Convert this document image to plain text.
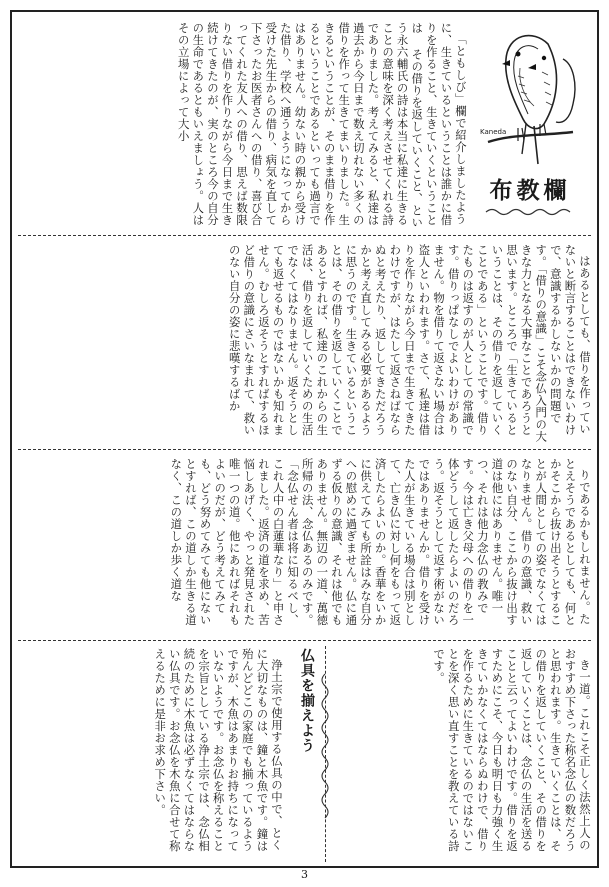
「ともしび」欄で紹介しましたように、生きているということは誰かに借りを作ること、生きていくということは その借りを返していくこと、という永六輔氏の詩は本当に私達に生きることの意味を深く考えさせてくれる詩でありました。考えてみると、私達は過去から今日まで数え切れない多くの借りを作って生きてまいりました。生きるということが、そのまま借りを作るということであるといっても過言ではありません。幼ない時の親から受けた借り、学校へ通うようになってから受けた先生からの借り、病気を直して下さったお医者さんへの借り、喜び合ってくれた友人への借り、思えば数限りない借りを作りながら今日まで生き続けてきたのが、実のところ今の自分の生命であるともいえましょう。人はその立場によって大小	Kaneda
布教欄

はあるとしても、借りを作っていないと断言することはできないわけで、意識するかしないかの問題です。「借りの意識」こそ念仏入門の大きな力となる大事なことであろうと思います。ところで「生きているということは、その借りを返していくことである」ということです。借りたものは返すのが人としての常識です。借りっぱなしでよいわけがありません。物を借りて返さない場合は盗人といわれます。さて、私達は借りを作りながら今日まで生きてきたわけですが、はたして返さねばならぬと考えたり、返ししてきただろうかと考え直してみる必要があるように思うのです。生きているということは、その借りを返していくことであるとすれば、私達のこれからの生活は、借りを返していくための生活でなくてはなりません。返そうとしても返せるものではないかも知れません。むしろ返そうとすればするほど借りの意識にさいなまれて、救いのない自分の姿に悲嘆するばか

りであるかもしれません。たとえそうであるとしても、何とかそこから抜け出そうとすることが人間としての姿でなくてはなりません。借りの意識、救いのない自分、ここから抜け出す道は他にはありません。唯一つ、それは他力念仏の教みです。今は亡き父母への借りを一体どうして返したらよいのだろう。返そうとして返す術がないではありませんか。借りを受けた人が生きている場合は別として、亡き仏に対し何をもって返済したらよいのか。香華をいかに供えてみても所詮はみな自分への慰めに過ぎません。仏に通ずる仮りの意識、それは他でもありません。無辺の一道、萬徳所帰の法、念仏あるのみです。「念仏せん者は将に知るべし、これ人中の白蓮華なり」と申されました。返済の道を求め、苦悩しあげく、やっと発見された唯一つの道。他にあればそれもよいのだが、どう考えてみても、どう努めてみても他にないとすれば、この道しか生きる道なく、この道しか歩く道な

き一道。これこそ正しく法然上人のおすすめ下さった称名念仏の数だろうと思われます。生きていくことは、その借りを返していくこと、その借りを返していくことは、念仏の生活を送ることと云ってよいわけです。借りを返すためにこそ、今日も明日も力強く生きていかなくてはならぬわけで、借りを作るために生きているのではないことを深く思い直すことを教えている詩です。

仏具を揃えよう

浄土宗で使用する仏具の中で、とくに大切なものは、鐘と木魚です。鐘は殆んどどこの家庭でも揃っているようですが、木魚はあまりお持ちになっていないようです。お念仏を称えることを宗旨としている浄土宗では、念仏相続のために木魚は必ずなくてはならない仏具です。お念仏を木魚に合せて称えるために是非お求め下さい。

3
